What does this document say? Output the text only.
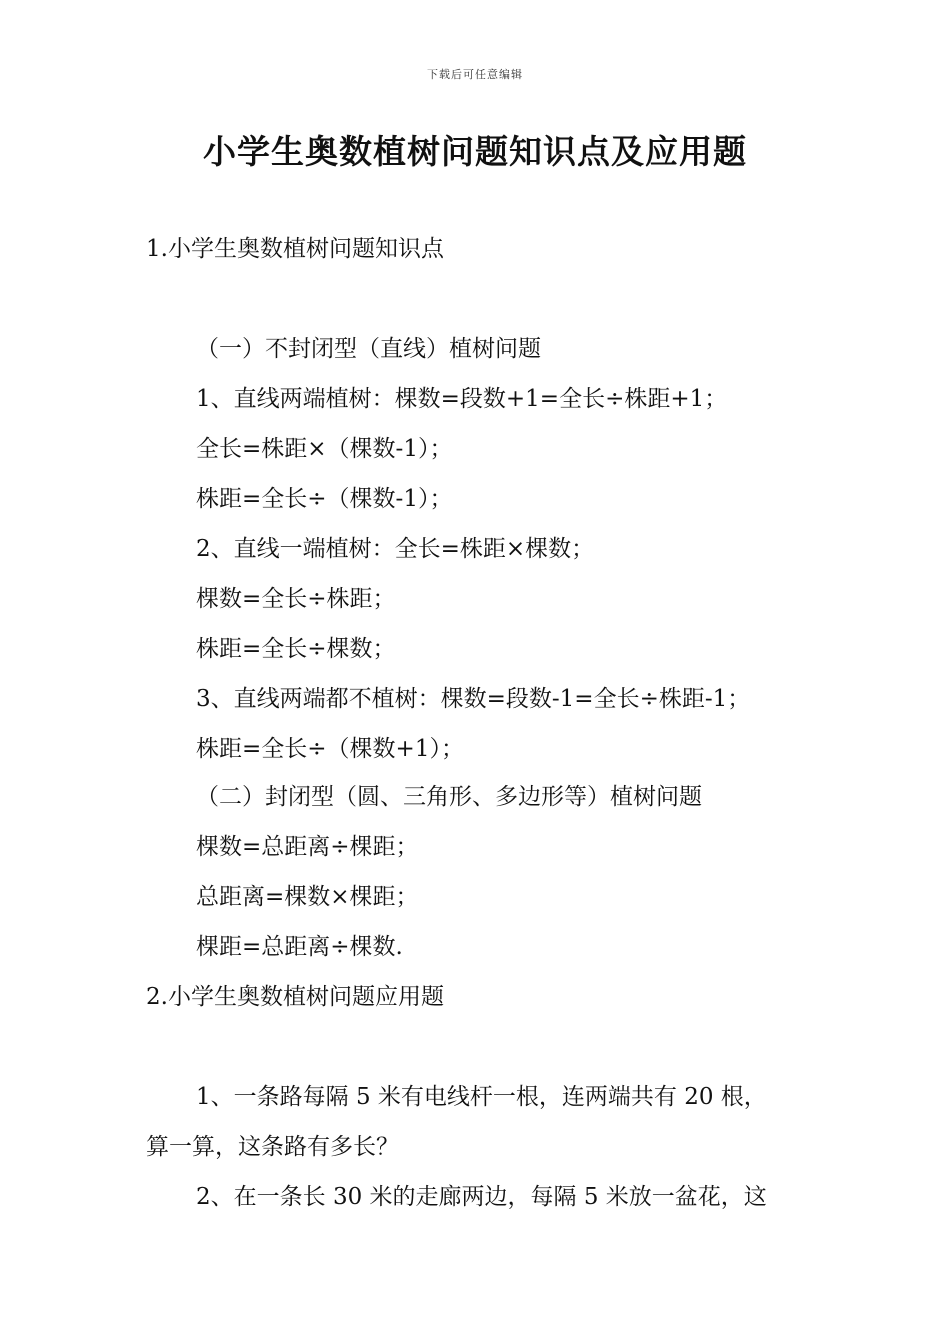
下载后可任意编辑
小学生奥数植树问题知识点及应用题
1.小学生奥数植树问题知识点
（一）不封闭型（直线）植树问题
1、直线两端植树：棵数=段数+1=全长÷株距+1；
全长=株距×（棵数-1）；
株距=全长÷（棵数-1）；
2、直线一端植树：全长=株距×棵数；
棵数=全长÷株距；
株距=全长÷棵数；
3、直线两端都不植树：棵数=段数-1=全长÷株距-1；
株距=全长÷（棵数+1）；
（二）封闭型（圆、三角形、多边形等）植树问题
棵数=总距离÷棵距；
总距离=棵数×棵距；
棵距=总距离÷棵数.
2.小学生奥数植树问题应用题
1、一条路每隔 5 米有电线杆一根，连两端共有 20 根，
算一算，这条路有多长？
2、在一条长 30 米的走廊两边，每隔 5 米放一盆花，这
